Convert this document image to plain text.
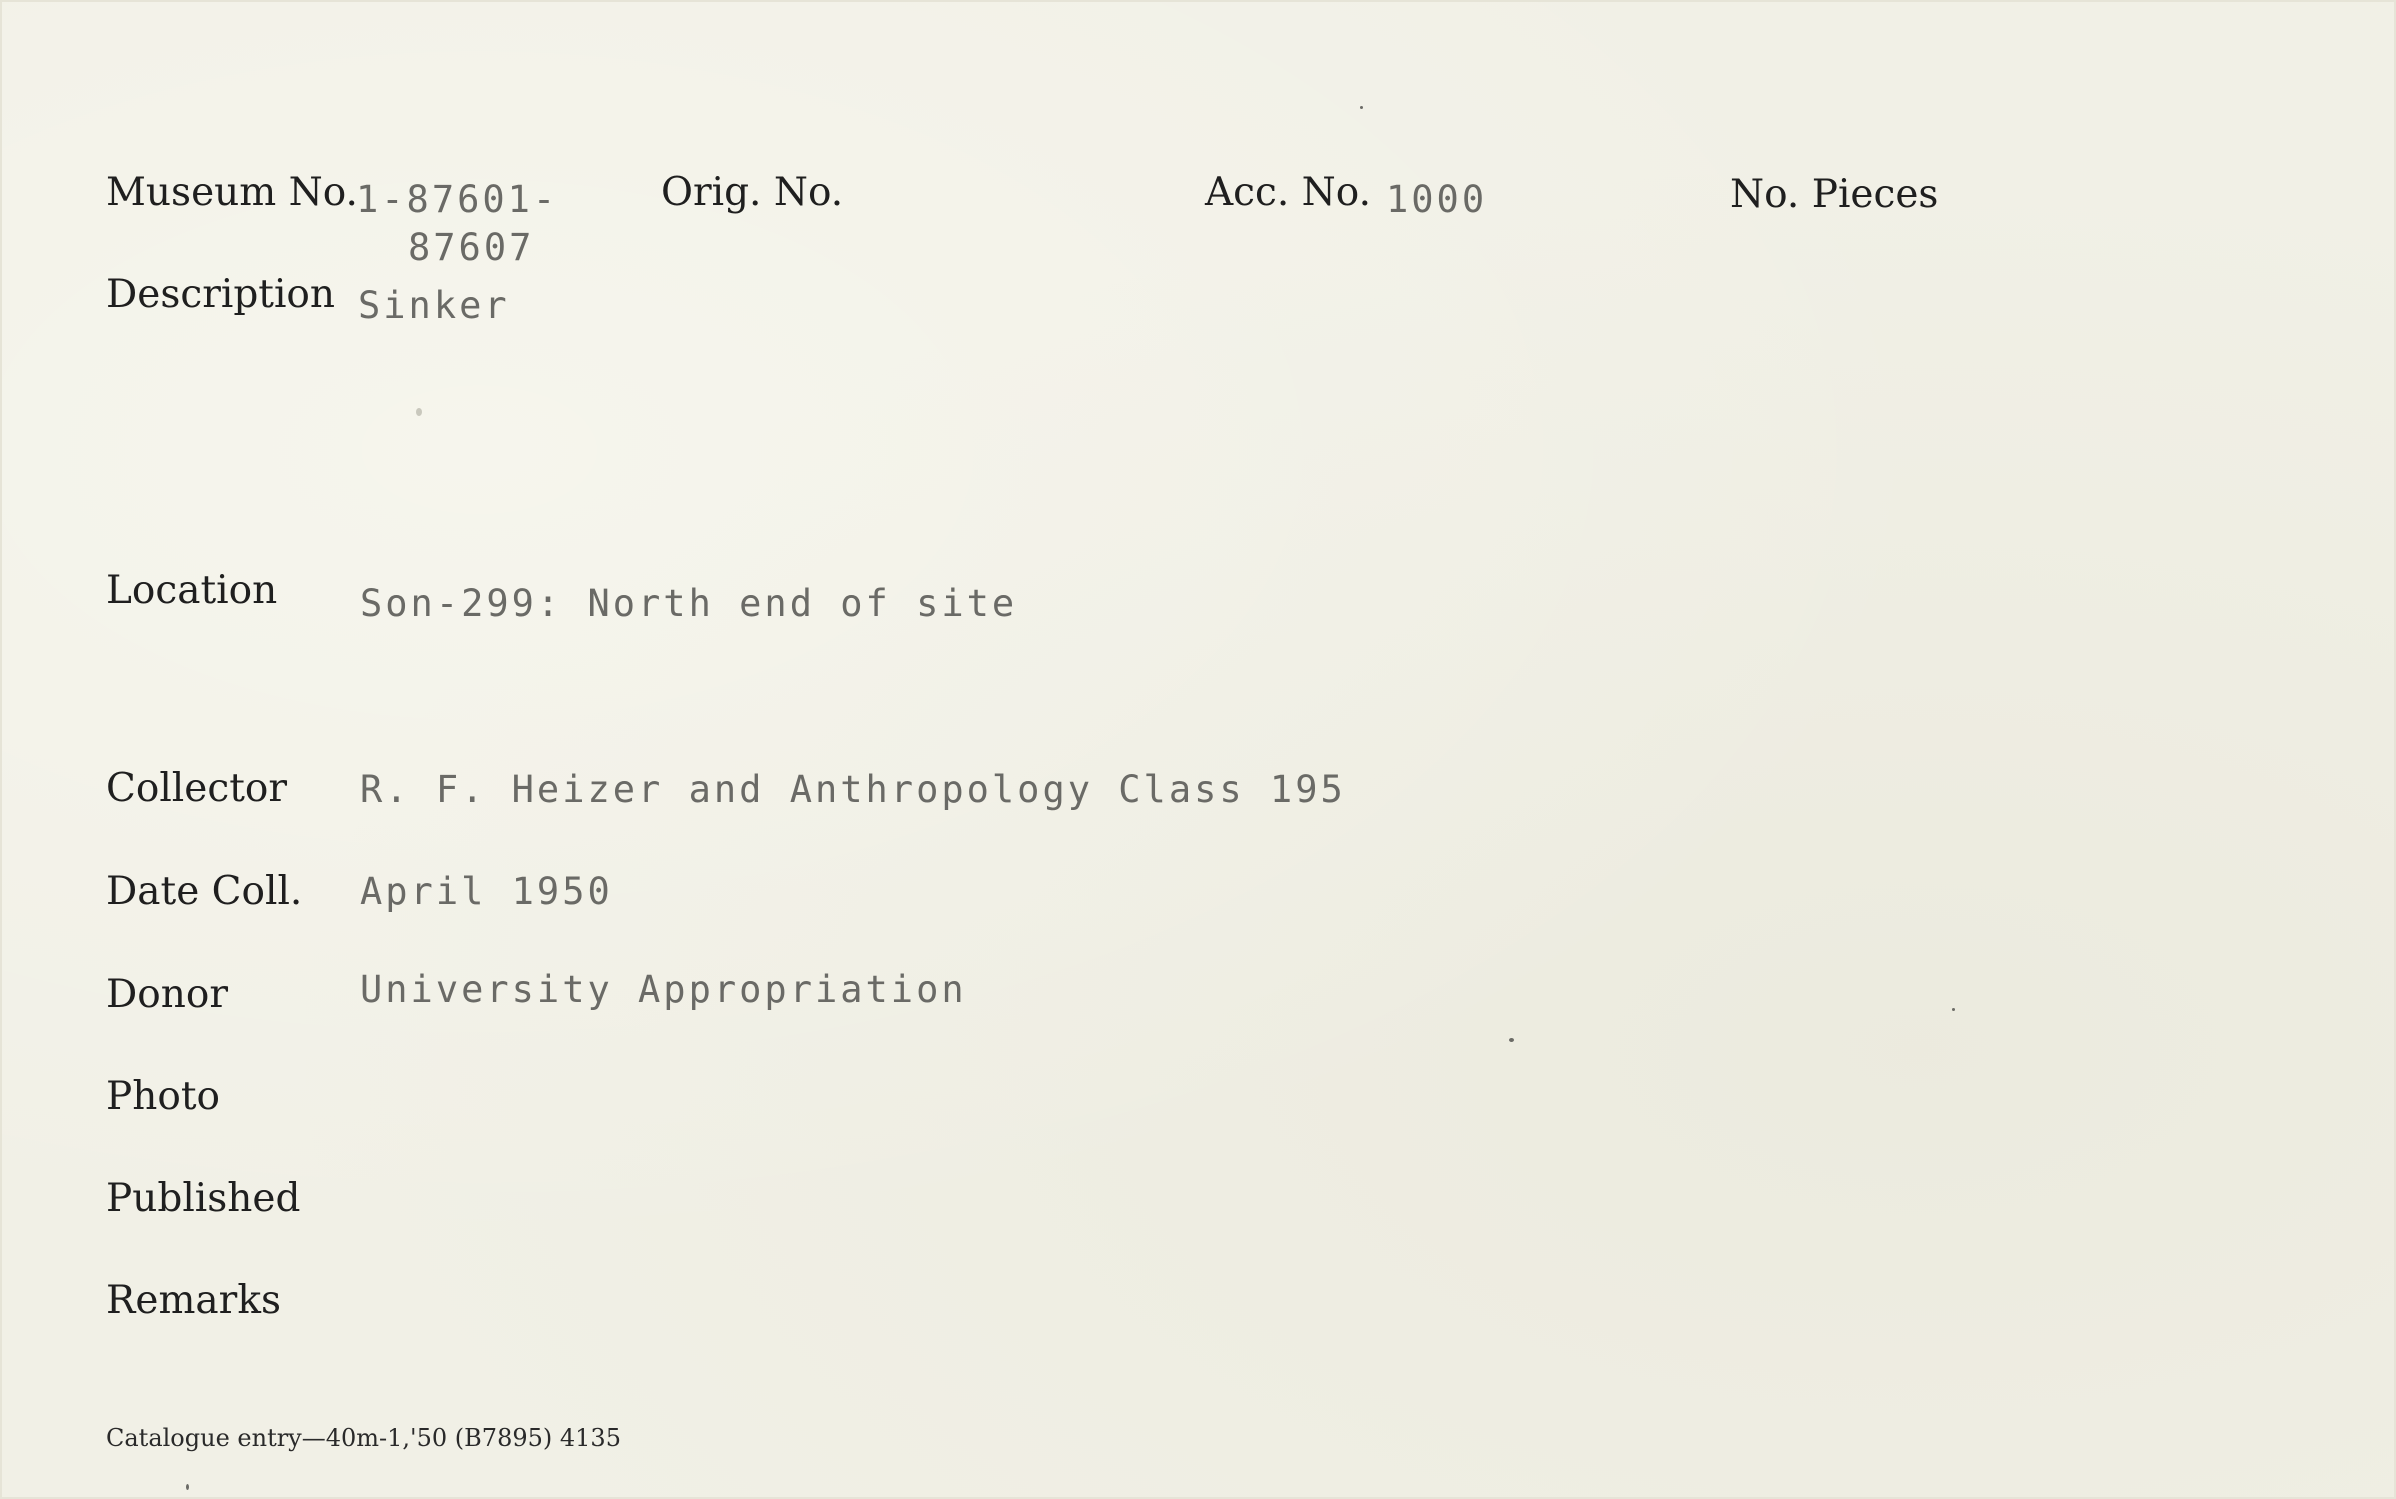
Museum No.
1-87601-
87607
Orig. No.	Acc. No. 1000	No. Pieces
Description Sinker
Location Son-299: North end of site
Collector R. F. Heizer and Anthropology Class 195
Date Coll. April 1950
Donor	University Appropriation
Photo
Published
Remarks
Catalogue entry—40m-1,'50 (B7895) 4135
